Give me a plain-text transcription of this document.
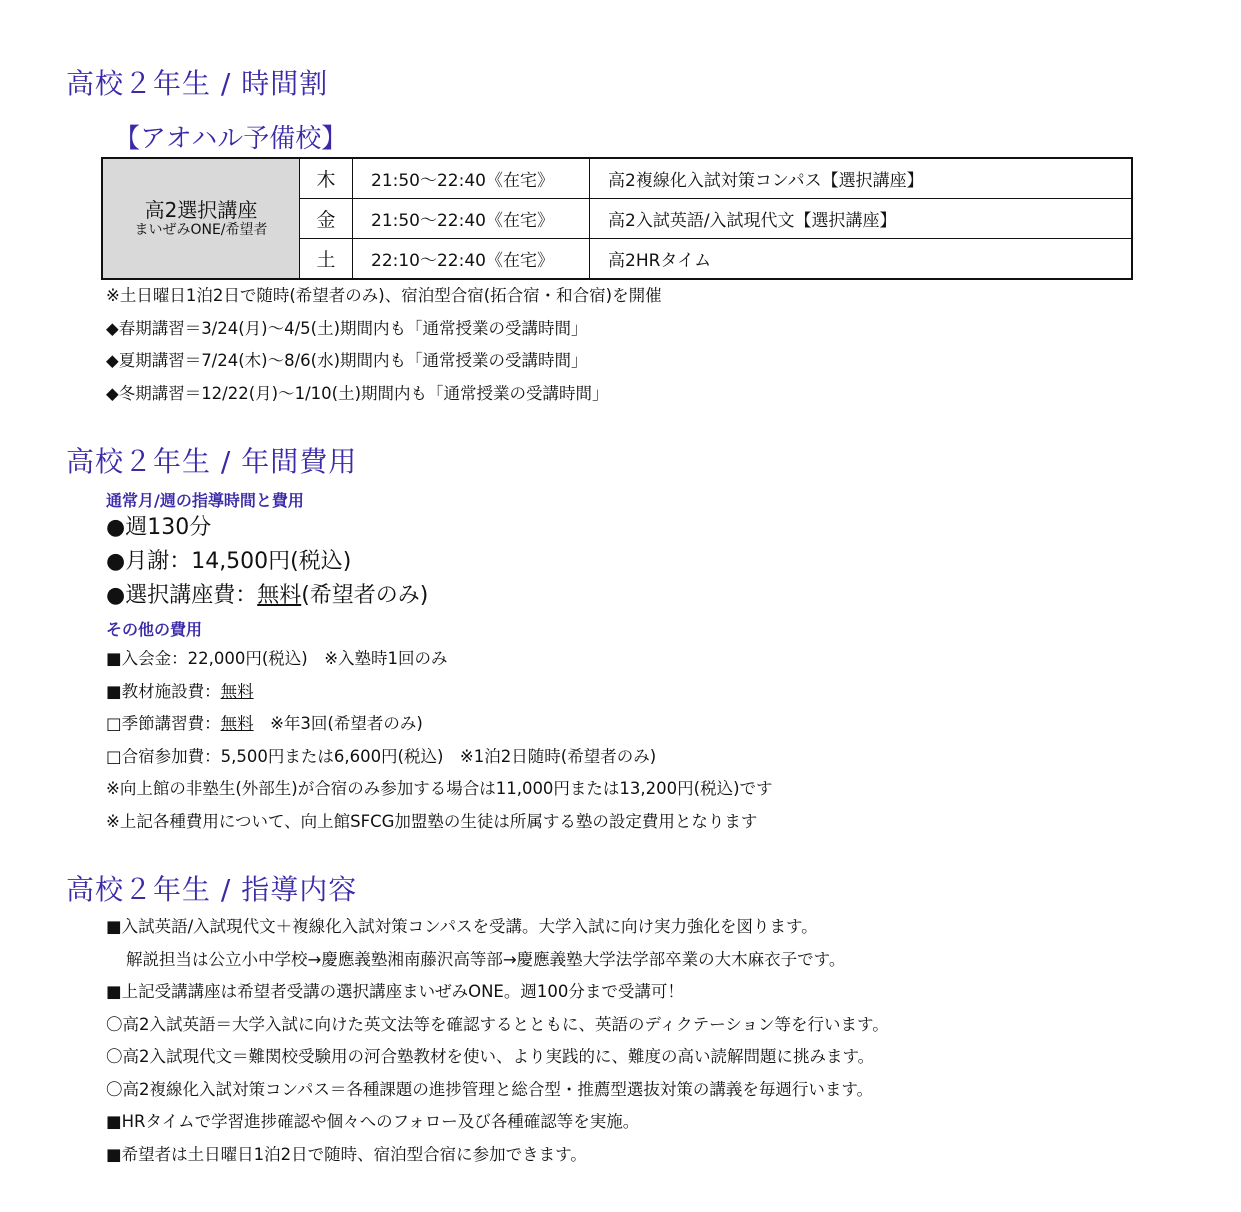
高校２年生 / 時間割
【アオハル予備校】
高2選択講座
まいぜみONE/希望者	木	21:50〜22:40《在宅》	高2複線化入試対策コンパス【選択講座】
	金	21:50〜22:40《在宅》	高2入試英語/入試現代文【選択講座】
	土	22:10〜22:40《在宅》	高2HRタイム
※土日曜日1泊2日で随時(希望者のみ)、宿泊型合宿(拓合宿・和合宿)を開催
◆春期講習＝3/24(月)〜4/5(土)期間内も「通常授業の受講時間」
◆夏期講習＝7/24(木)〜8/6(水)期間内も「通常授業の受講時間」
◆冬期講習＝12/22(月)〜1/10(土)期間内も「通常授業の受講時間」
高校２年生 / 年間費用
通常月/週の指導時間と費用
●週130分
●月謝：14,500円(税込)
●選択講座費：無料(希望者のみ)
その他の費用
■入会金：22,000円(税込)　※入塾時1回のみ
■教材施設費：無料
□季節講習費：無料　※年3回(希望者のみ)
□合宿参加費：5,500円または6,600円(税込)　※1泊2日随時(希望者のみ)
※向上館の非塾生(外部生)が合宿のみ参加する場合は11,000円または13,200円(税込)です
※上記各種費用について、向上館SFCG加盟塾の生徒は所属する塾の設定費用となります
高校２年生 / 指導内容
■入試英語/入試現代文＋複線化入試対策コンパスを受講。大学入試に向け実力強化を図ります。
解説担当は公立小中学校→慶應義塾湘南藤沢高等部→慶應義塾大学法学部卒業の大木麻衣子です。
■上記受講講座は希望者受講の選択講座まいぜみONE。週100分まで受講可！
〇高2入試英語＝大学入試に向けた英文法等を確認するとともに、英語のディクテーション等を行います。
〇高2入試現代文＝難関校受験用の河合塾教材を使い、より実践的に、難度の高い読解問題に挑みます。
〇高2複線化入試対策コンパス＝各種課題の進捗管理と総合型・推薦型選抜対策の講義を毎週行います。
■HRタイムで学習進捗確認や個々へのフォロー及び各種確認等を実施。
■希望者は土日曜日1泊2日で随時、宿泊型合宿に参加できます。
